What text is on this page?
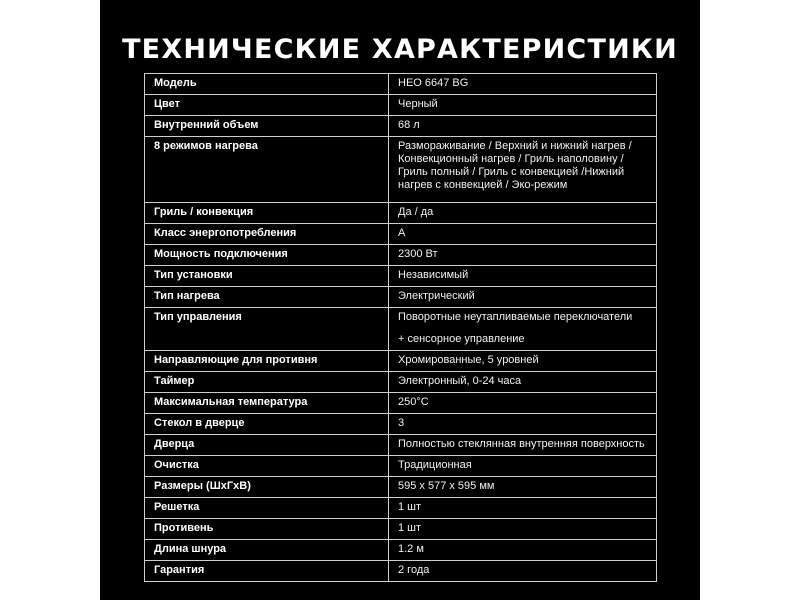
ТЕХНИЧЕСКИЕ ХАРАКТЕРИСТИКИ
Модель	HEO 6647 BG
Цвет	Черный
Внутренний объем	68 л
8 режимов нагрева	Размораживание / Верхний и нижний нагрев / Конвекционный нагрев / Гриль наполовину / Гриль полный / Гриль с конвекцией /Нижний нагрев с конвекцией / Эко-режим

Гриль / конвекция	Да / да
Класс энергопотребления	А
Мощность подключения	2300 Вт
Тип установки	Независимый
Тип нагрева	Электрический
Тип управления	Поворотные неутапливаемые переключатели
+ сенсорное управление

Направляющие для противня	Хромированные, 5 уровней
Таймер	Электронный, 0-24 часа
Максимальная температура	250°С
Стекол в дверце	3
Дверца	Полностью стеклянная внутренняя поверхность
Очистка	Традиционная
Размеры (ШxГxВ)	595 x 577 x 595 мм
Решетка	1 шт
Противень	1 шт
Длина шнура	1.2 м
Гарантия	2 года
